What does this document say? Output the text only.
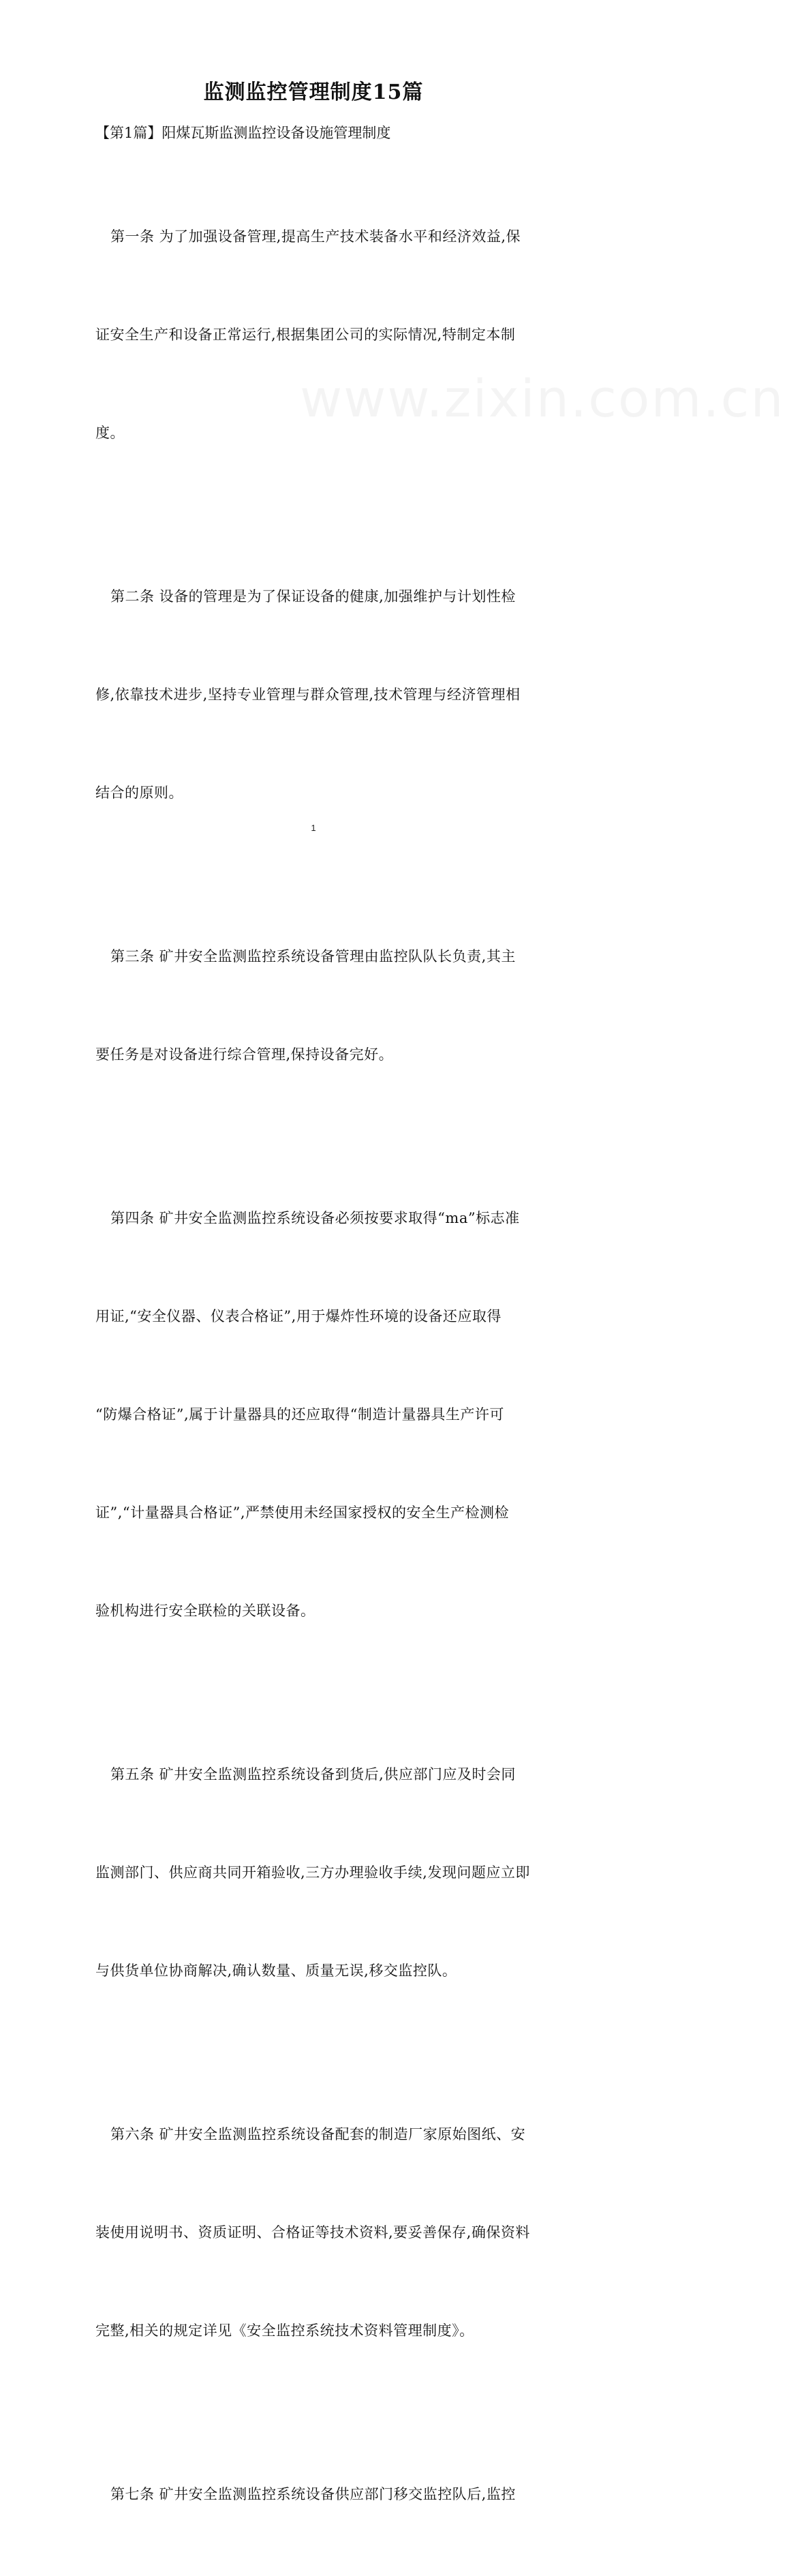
监测监控管理制度15篇
【第1篇】阳煤瓦斯监测监控设备设施管理制度

第一条 为了加强设备管理,提高生产技术装备水平和经济效益,保

证安全生产和设备正常运行,根据集团公司的实际情况,特制定本制

度。

第二条 设备的管理是为了保证设备的健康,加强维护与计划性检

修,依靠技术进步,坚持专业管理与群众管理,技术管理与经济管理相

结合的原则。

第三条 矿井安全监测监控系统设备管理由监控队队长负责,其主

要任务是对设备进行综合管理,保持设备完好。

第四条 矿井安全监测监控系统设备必须按要求取得“ma”标志准

用证,“安全仪器、仪表合格证”,用于爆炸性环境的设备还应取得

“防爆合格证”,属于计量器具的还应取得“制造计量器具生产许可

证”,“计量器具合格证”,严禁使用未经国家授权的安全生产检测检

验机构进行安全联检的关联设备。

第五条 矿井安全监测监控系统设备到货后,供应部门应及时会同

监测部门、供应商共同开箱验收,三方办理验收手续,发现问题应立即

与供货单位协商解决,确认数量、质量无误,移交监控队。

第六条 矿井安全监测监控系统设备配套的制造厂家原始图纸、安

装使用说明书、资质证明、合格证等技术资料,要妥善保存,确保资料

完整,相关的规定详见《安全监控系统技术资料管理制度》。

第七条 矿井安全监测监控系统设备供应部门移交监控队后,监控

1
